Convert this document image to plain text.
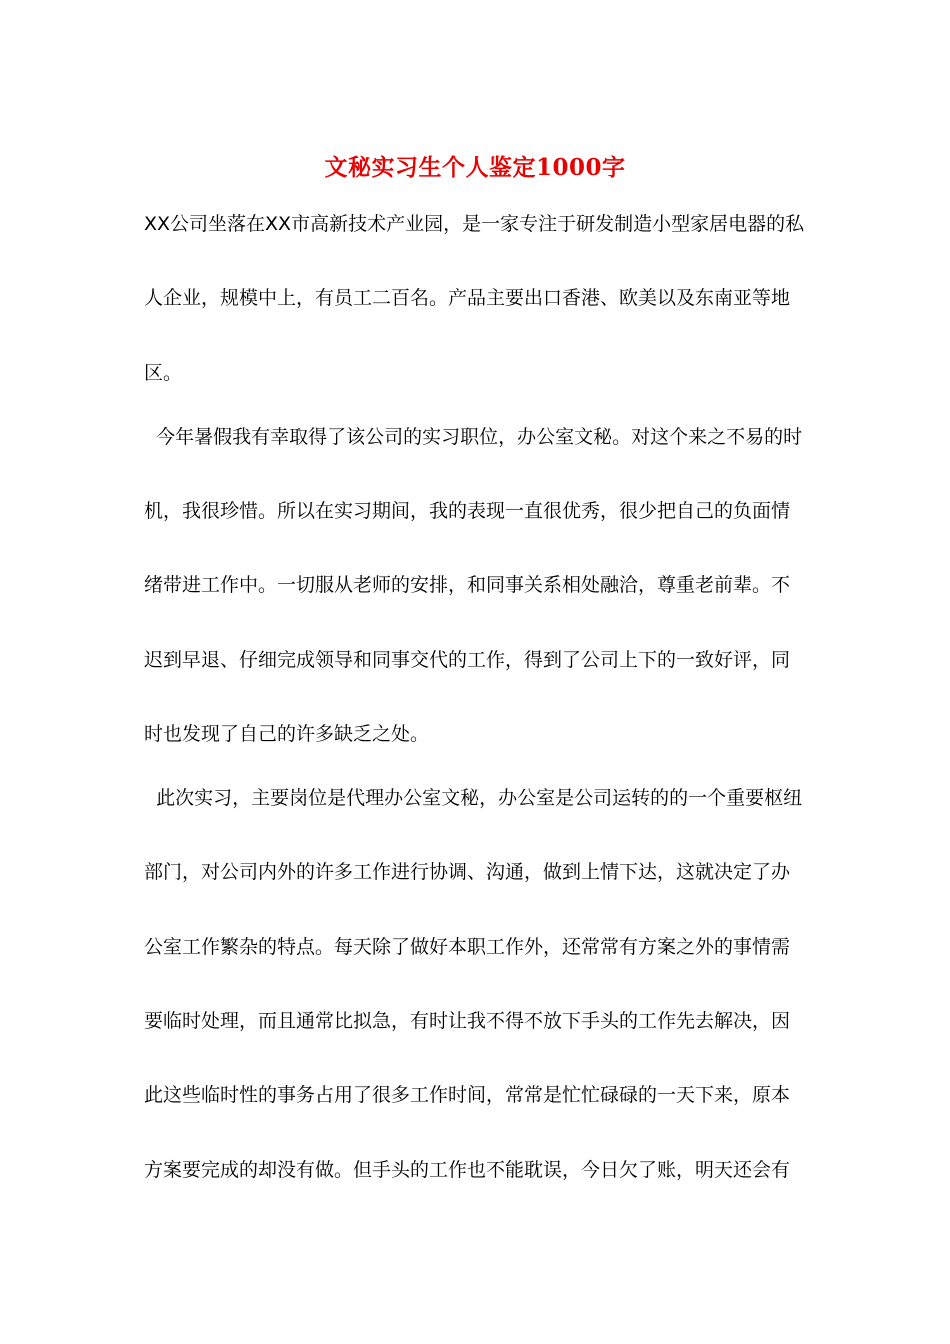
文秘实习生个人鉴定1000字
XX公司坐落在XX市高新技术产业园，是一家专注于研发制造小型家居电器的私
人企业，规模中上，有员工二百名。产品主要出口香港、欧美以及东南亚等地
区。
今年暑假我有幸取得了该公司的实习职位，办公室文秘。对这个来之不易的时
机，我很珍惜。所以在实习期间，我的表现一直很优秀，很少把自己的负面情
绪带进工作中。一切服从老师的安排，和同事关系相处融洽，尊重老前辈。不
迟到早退、仔细完成领导和同事交代的工作，得到了公司上下的一致好评，同
时也发现了自己的许多缺乏之处。
此次实习，主要岗位是代理办公室文秘，办公室是公司运转的的一个重要枢纽
部门，对公司内外的许多工作进行协调、沟通，做到上情下达，这就决定了办
公室工作繁杂的特点。每天除了做好本职工作外，还常常有方案之外的事情需
要临时处理，而且通常比拟急，有时让我不得不放下手头的工作先去解决，因
此这些临时性的事务占用了很多工作时间，常常是忙忙碌碌的一天下来，原本
方案要完成的却没有做。但手头的工作也不能耽误，今日欠了账，明天还会有
